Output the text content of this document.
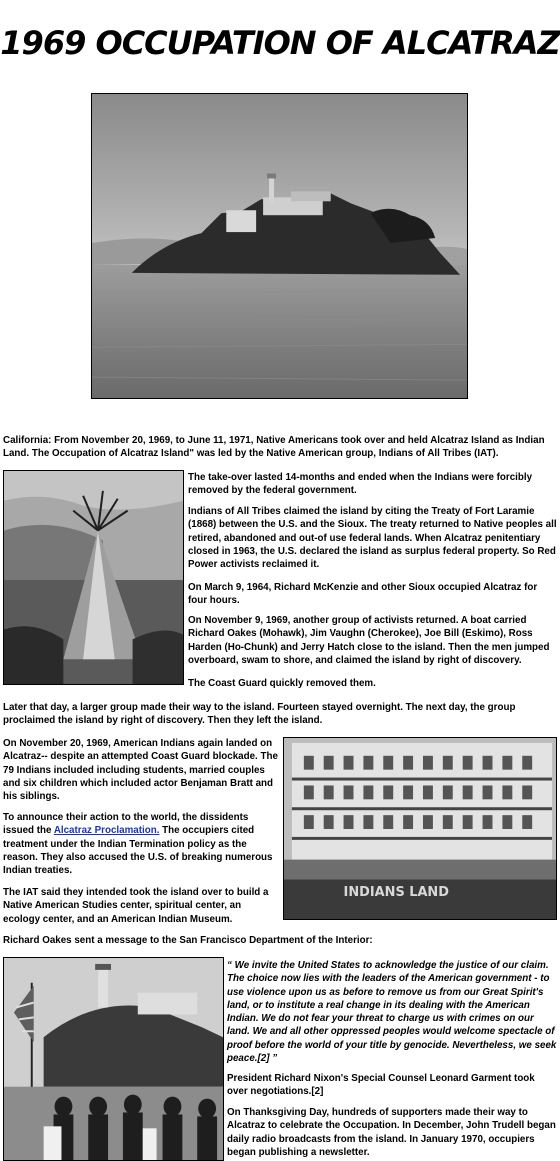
1969 OCCUPATION OF ALCATRAZ

California: From November 20, 1969, to June 11, 1971, Native Americans took over and held Alcatraz Island as Indian Land. The Occupation of Alcatraz Island" was led by the Native American group, Indians of All Tribes (IAT).

The take-over lasted 14-months and ended when the Indians were forcibly removed by the federal government.

Indians of All Tribes claimed the island by citing the Treaty of Fort Laramie (1868) between the U.S. and the Sioux. The treaty returned to Native peoples all retired, abandoned and out-of use federal lands. When Alcatraz penitentiary closed in 1963, the U.S. declared the island as surplus federal property. So Red Power activists reclaimed it.

On March 9, 1964, Richard McKenzie and other Sioux occupied Alcatraz for four hours.

On November 9, 1969, another group of activists returned. A boat carried Richard Oakes (Mohawk), Jim Vaughn (Cherokee), Joe Bill (Eskimo), Ross Harden (Ho-Chunk) and Jerry Hatch close to the island. Then the men jumped overboard, swam to shore, and claimed the island by right of discovery.

The Coast Guard quickly removed them.

Later that day, a larger group made their way to the island. Fourteen stayed overnight. The next day, the group proclaimed the island by right of discovery. Then they left the island.

On November 20, 1969, American Indians again landed on Alcatraz-- despite an attempted Coast Guard blockade. The 79 Indians included including students, married couples and six children which included actor Benjaman Bratt and his siblings.

To announce their action to the world, the dissidents issued the Alcatraz Proclamation. The occupiers cited treatment under the Indian Termination policy as the reason. They also accused the U.S. of breaking numerous Indian treaties.

The IAT said they intended took the island over to build a Native American Studies center, spiritual center, an ecology center, and an American Indian Museum.

INDIANS LAND

Richard Oakes sent a message to the San Francisco Department of the Interior:

“ We invite the United States to acknowledge the justice of our claim. The choice now lies with the leaders of the American government - to use violence upon us as before to remove us from our Great Spirit's land, or to institute a real change in its dealing with the American Indian. We do not fear your threat to charge us with crimes on our land. We and all other oppressed peoples would welcome spectacle of proof before the world of your title by genocide. Nevertheless, we seek peace.[2] ”

President Richard Nixon's Special Counsel Leonard Garment took over negotiations.[2]

On Thanksgiving Day, hundreds of supporters made their way to Alcatraz to celebrate the Occupation. In December, John Trudell began daily radio broadcasts from the island. In January 1970, occupiers began publishing a newsletter.
